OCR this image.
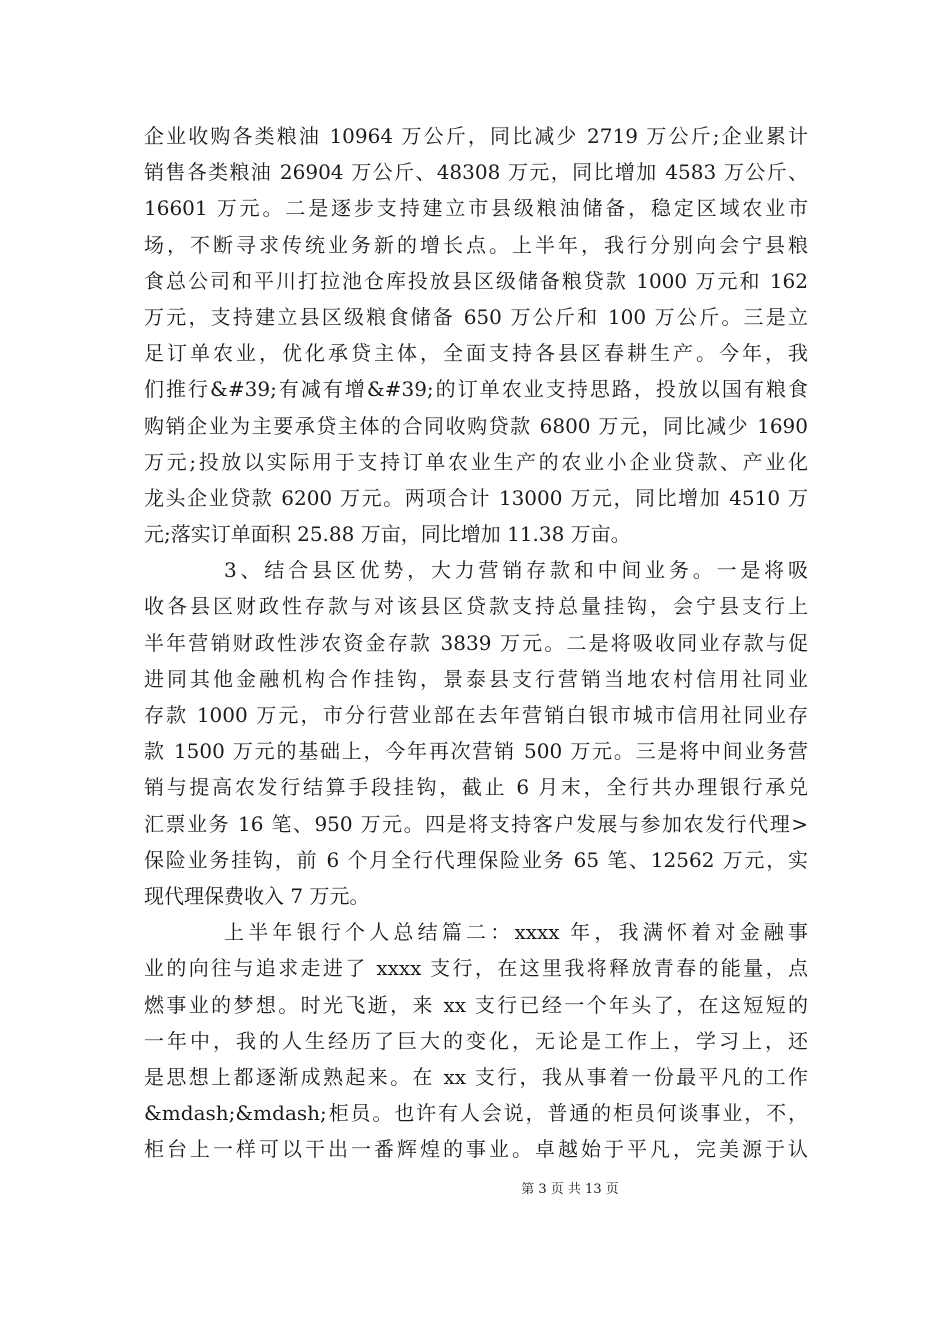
企业收购各类粮油 10964 万公斤，同比减少 2719 万公斤;企业累计
销售各类粮油 26904 万公斤、48308 万元，同比增加 4583 万公斤、
16601 万元。二是逐步支持建立市县级粮油储备，稳定区域农业市
场，不断寻求传统业务新的增长点。上半年，我行分别向会宁县粮
食总公司和平川打拉池仓库投放县区级储备粮贷款 1000 万元和 162
万元，支持建立县区级粮食储备 650 万公斤和 100 万公斤。三是立
足订单农业，优化承贷主体，全面支持各县区春耕生产。今年，我
们推行&#39;有减有增&#39;的订单农业支持思路，投放以国有粮食
购销企业为主要承贷主体的合同收购贷款 6800 万元，同比减少 1690
万元;投放以实际用于支持订单农业生产的农业小企业贷款、产业化
龙头企业贷款 6200 万元。两项合计 13000 万元，同比增加 4510 万
元;落实订单面积 25.88 万亩，同比增加 11.38 万亩。
3、结合县区优势，大力营销存款和中间业务。一是将吸
收各县区财政性存款与对该县区贷款支持总量挂钩，会宁县支行上
半年营销财政性涉农资金存款 3839 万元。二是将吸收同业存款与促
进同其他金融机构合作挂钩，景泰县支行营销当地农村信用社同业
存款 1000 万元，市分行营业部在去年营销白银市城市信用社同业存
款 1500 万元的基础上，今年再次营销 500 万元。三是将中间业务营
销与提高农发行结算手段挂钩，截止 6 月末，全行共办理银行承兑
汇票业务 16 笔、950 万元。四是将支持客户发展与参加农发行代理>
保险业务挂钩，前 6 个月全行代理保险业务 65 笔、12562 万元，实
现代理保费收入 7 万元。
上半年银行个人总结篇二：xxxx 年，我满怀着对金融事
业的向往与追求走进了 xxxx 支行，在这里我将释放青春的能量，点
燃事业的梦想。时光飞逝，来 xx 支行已经一个年头了，在这短短的
一年中，我的人生经历了巨大的变化，无论是工作上，学习上，还
是思想上都逐渐成熟起来。在 xx 支行，我从事着一份最平凡的工作
&mdash;&mdash;柜员。也许有人会说，普通的柜员何谈事业，不，
柜台上一样可以干出一番辉煌的事业。卓越始于平凡，完美源于认
第 3 页 共 13 页
